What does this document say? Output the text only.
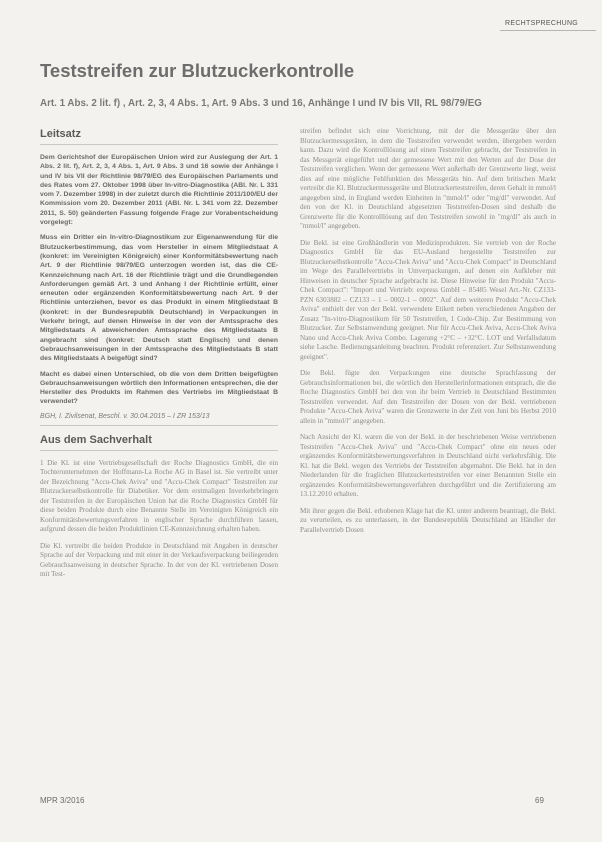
RECHTSPRECHUNG
Teststreifen zur Blutzuckerkontrolle
Art. 1 Abs. 2 lit. f) , Art. 2, 3, 4 Abs. 1, Art. 9 Abs. 3 und 16, Anhänge I und IV bis VII, RL 98/79/EG
Leitsatz

Dem Gerichtshof der Europäischen Union wird zur Auslegung der Art. 1 Abs. 2 lit. f), Art. 2, 3, 4 Abs. 1, Art. 9 Abs. 3 und 16 sowie der Anhänge I und IV bis VII der Richtlinie 98/79/EG des Europäischen Parlaments und des Rates vom 27. Oktober 1998 über In-vitro-Diagnostika (ABl. Nr. L 331 vom 7. Dezember 1998) in der zuletzt durch die Richtlinie 2011/100/EU der Kommission vom 20. Dezember 2011 (ABl. Nr. L 341 vom 22. Dezember 2011, S. 50) geänderten Fassung folgende Frage zur Vorabentscheidung vorgelegt:

Muss ein Dritter ein In-vitro-Diagnostikum zur Eigenanwendung für die Blutzuckerbestimmung, das vom Hersteller in einem Mitgliedstaat A (konkret: im Vereinigten Königreich) einer Konformitätsbewertung nach Art. 9 der Richtlinie 98/79/EG unterzogen worden ist, das die CE-Kennzeichnung nach Art. 16 der Richtlinie trägt und die Grundlegenden Anforderungen gemäß Art. 3 und Anhang I der Richtlinie erfüllt, einer erneuten oder ergänzenden Konformitätsbewertung nach Art. 9 der Richtlinie unterziehen, bevor es das Produkt in einem Mitgliedstaat B (konkret: in der Bundesrepublik Deutschland) in Verpackungen in Verkehr bringt, auf denen Hinweise in der von der Amtssprache des Mitgliedstaats A abweichenden Amtssprache des Mitgliedstaats B angebracht sind (konkret: Deutsch statt Englisch) und denen Gebrauchsanweisungen in der Amtssprache des Mitgliedstaats B statt des Mitgliedstaats A beigefügt sind?

Macht es dabei einen Unterschied, ob die von dem Dritten beigefügten Gebrauchsanweisungen wörtlich den Informationen entsprechen, die der Hersteller des Produkts im Rahmen des Vertriebs im Mitgliedstaat B verwendet?

BGH, I. Zivilsenat, Beschl. v. 30.04.2015 – I ZR 153/13
Aus dem Sachverhalt

1 Die Kl. ist eine Vertriebsgesellschaft der Roche Diagnostics GmbH, die ein Tochterunternehmen der Hoffmann-La Roche AG in Basel ist. Sie vertreibt unter der Bezeichnung "Accu-Chek Aviva" und "Accu-Chek Compact" Teststreifen zur Blutzuckerselbstkontrolle für Diabetiker. Vor dem erstmaligen Inverkehrbringen der Teststreifen in der Europäischen Union hat die Roche Diagnostics GmbH für diese beiden Produkte durch eine Benannte Stelle im Vereinigten Königreich ein Konformitätsbewertungsverfahren in englischer Sprache durchführen lassen, aufgrund dessen die beiden Produktlinien CE-Kennzeichnung erhalten haben.

Die Kl. vertreibt die beiden Produkte in Deutschland mit Angaben in deutscher Sprache auf der Verpackung und mit einer in der Verkaufsverpackung beiliegenden Gebrauchsanweisung in deutscher Sprache. In der von der Kl. vertriebenen Dosen mit Test-

streifen befindet sich eine Vorrichtung, mit der die Messgeräte über den Blutzuckermessgeräten, in dem die Teststreifen verwendet werden, übergeben werden kann. Dazu wird die Kontrolllösung auf einen Teststreifen gebracht, der Teststreifen in das Messgerät eingeführt und der gemessene Wert mit den Werten auf der Dose der Teststreifen verglichen. Wenn der gemessene Wert außerhalb der Grenzwerte liegt, weist dies auf eine mögliche Fehlfunktion des Messgeräts hin. Auf dem britischen Markt vertreibt die Kl. Blutzuckermessgeräte und Blutzuckerteststreifen, deren Gehalt in mmol/l angegeben sind, in England werden Einheiten in "mmol/l" oder "mg/dl" verwendet. Auf den von der Kl. in Deutschland abgesetzten Teststreifen-Dosen sind deshalb die Grenzwerte für die Kontrolllösung auf den Teststreifen sowohl in "mg/dl" als auch in "mmol/l" angegeben.

Die Bekl. ist eine Großhändlerin von Medizinprodukten. Sie vertrieb von der Roche Diagnostics GmbH für das EU-Ausland hergestellte Teststreifen zur Blutzuckerselbstkontrolle "Accu-Chek Aviva" und "Accu-Chek Compact" in Deutschland im Wege des Parallelvertriebs in Umverpackungen, auf denen ein Aufkleber mit Hinweisen in deutscher Sprache aufgebracht ist. Diese Hinweise für den Produkt "Accu-Chek Compact": "Import und Vertrieb: express GmbH – 85485 Wesel Art.-Nr. CZ133-PZN 6303882 – CZ133 – 1 – 0002-1 – 0002". Auf dem weiteren Produkt "Accu-Chek Aviva" enthielt der von der Bekl. verwendete Etikett neben verschiedenen Angaben der Zusatz "In-vitro-Diagnostikum für 50 Teststreifen, 1 Code-Chip. Zur Bestimmung von Blutzucker. Zur Selbstanwendung geeignet. Nur für Accu-Chek Aviva, Accu-Chek Aviva Nano und Accu-Chek Aviva Combo. Lagerung +2°C – +32°C. LOT und Verfallsdatum siehe Lasche. Bedienungsanleitung beachten. Produkt referenziert. Zur Selbstanwendung geeignet".

Die Bekl. fügte den Verpackungen eine deutsche Sprachfassung der Gebrauchsinformationen bei, die wörtlich den Herstellerinformationen entsprach, die die Roche Diagnostics GmbH bei den von ihr beim Vertrieb in Deutschland Bestimmten Teststreifen verwendet. Auf den Teststreifen der Dosen von der Bekl. vertriebenen Produkte "Accu-Chek Aviva" waren die Grenzwerte in der Zeit von Juni bis Herbst 2010 allein in "mmol/l" angegeben.

Nach Ansicht der Kl. waren die von der Bekl. in der beschriebenen Weise vertriebenen Teststreifen "Accu-Chek Aviva" und "Accu-Chek Compact" ohne ein neues oder ergänzendes Konformitätsbewertungsverfahren in Deutschland nicht verkehrsfähig. Die Kl. hat die Bekl. wegen des Vertriebs der Teststreifen abgemahnt. Die Bekl. hat in den Niederlanden für die fraglichen Blutzuckerteststreifen vor einer Benannten Stelle ein ergänzendes Konformitätsbewertungsverfahren durchgeführt und die Zertifizierung am 13.12.2010 erhalten.

Mit ihrer gegen die Bekl. erhobenen Klage hat die Kl. unter anderem beantragt, die Bekl. zu verurteilen, es zu unterlassen, in der Bundesrepublik Deutschland an Händler der Parallelvertrieb Dosen

MPR 3/2016	69
